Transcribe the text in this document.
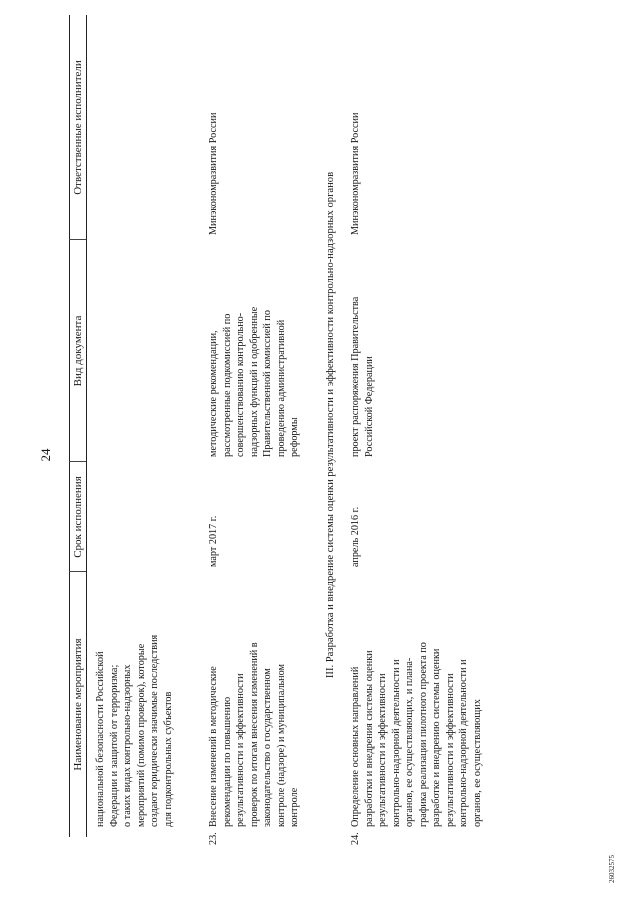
24
Наименование мероприятия
Срок исполнения
Вид документа
Ответственные исполнители
национальной безопасности Российской
Федерации и защитой от терроризма;
о таких видах контрольно-надзорных
мероприятий (помимо проверок), которые
создают юридически значимые последствия
для подконтрольных субъектов
23.
Внесение изменений в методические
рекомендации по повышению
результативности и эффективности
проверок по итогам внесения изменений в
законодательство о государственном
контроле (надзоре) и муниципальном
контроле
март 2017 г.
методические рекомендации,
рассмотренные подкомиссией по
совершенствованию контрольно-
надзорных функций и одобренные
Правительственной комиссией по
проведению административной
реформы
Минэкономразвития России	III. Разработка и внедрение системы оценки результативности и эффективности контрольно-надзорных органов
24.
Определение основных направлений
разработки и внедрения системы оценки
результативности и эффективности
контрольно-надзорной деятельности и
органов, ее осуществляющих, и плана-
графика реализации пилотного проекта по
разработке и внедрению системы оценки
результативности и эффективности
контрольно-надзорной деятельности и
органов, ее осуществляющих
апрель 2016 г.
проект распоряжения Правительства
Российской Федерации
Минэкономразвития России
26032575
